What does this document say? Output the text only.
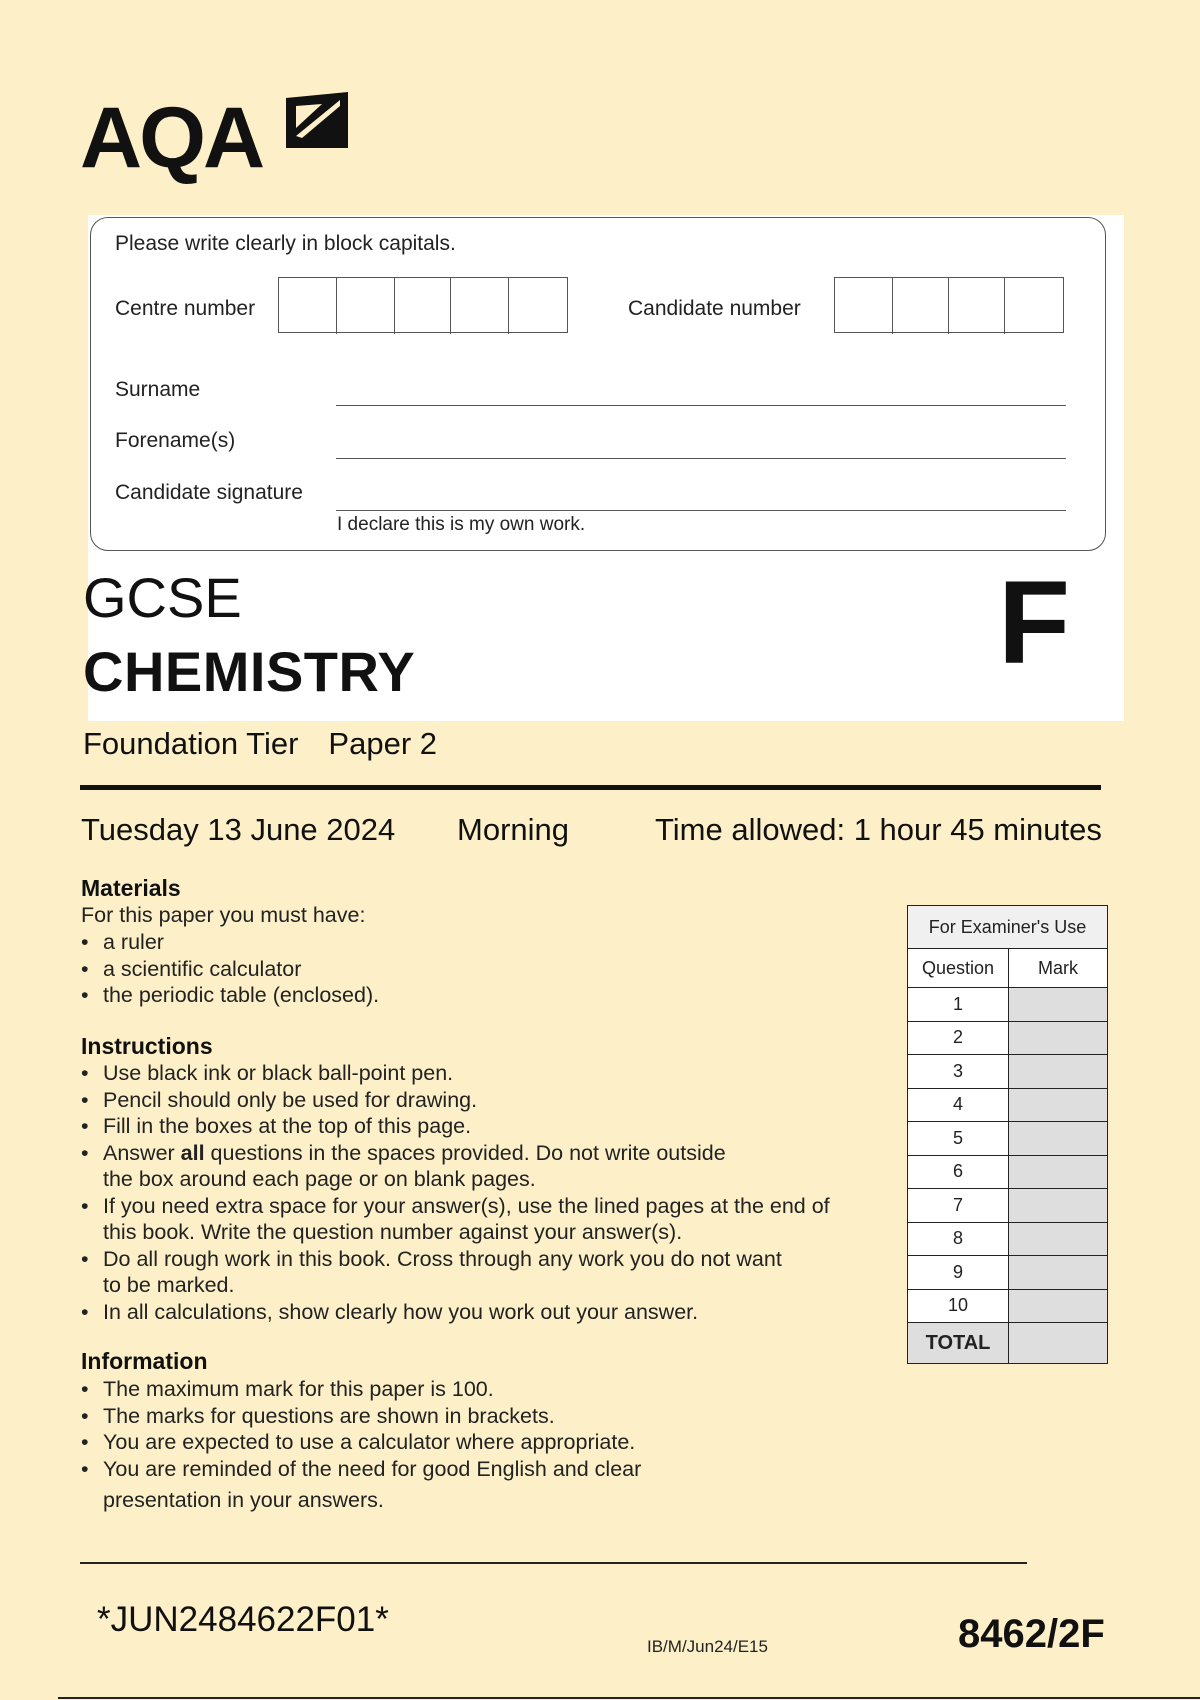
AQA
Please write clearly in block capitals.
Centre number	Candidate number
Surname
Forename(s)
Candidate signature
I declare this is my own work.
GCSE
CHEMISTRY	F
Foundation Tier Paper 2
Tuesday 13 June 2024 Morning	Time allowed: 1 hour 45 minutes
Materials
For this paper you must have:
• a ruler
• a scientific calculator
• the periodic table (enclosed).
Instructions
• Use black ink or black ball-point pen.
• Pencil should only be used for drawing.
• Fill in the boxes at the top of this page.
• Answer all questions in the spaces provided. Do not write outside
the box around each page or on blank pages.
• If you need extra space for your answer(s), use the lined pages at the end of
this book. Write the question number against your answer(s).
• Do all rough work in this book. Cross through any work you do not want
to be marked.
• In all calculations, show clearly how you work out your answer.
Information
• The maximum mark for this paper is 100.
• The marks for questions are shown in brackets.
• You are expected to use a calculator where appropriate.
• You are reminded of the need for good English and clear
presentation in your answers.
For Examiner's Use	
Question	Mark
1	
2	
3	
4	
5	
6	
7	
8	
9	
10	
TOTAL	
*JUN2484622F01*
IB/M/Jun24/E15	8462/2F
